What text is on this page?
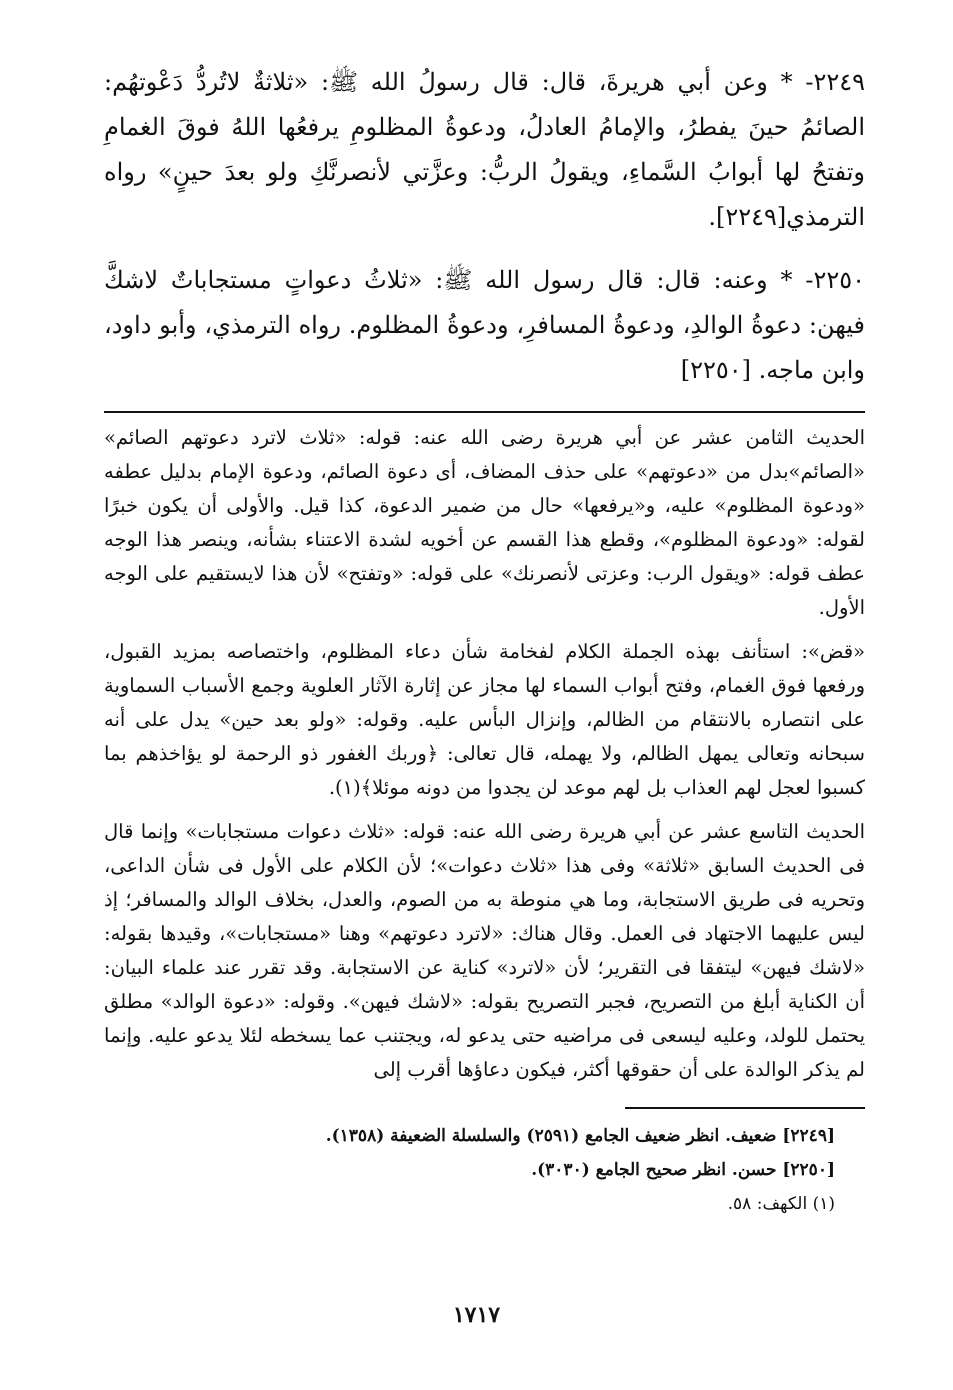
٢٢٤٩- * وعن أبي هريرةَ، قال: قال رسولُ الله ﷺ: «ثلاثةٌ لاتُردُّ دَعْوتهُم: الصائمُ حينَ يفطرُ، والإمامُ العادلُ، ودعوةُ المظلومِ يرفعُها اللهُ فوقَ الغمامِ وتفتحُ لها أبوابُ السَّماءِ، ويقولُ الربُّ: وعزَّتي لأنصرنَّكِ ولو بعدَ حينٍ» رواه الترمذي[٢٢٤٩].

٢٢٥٠- * وعنه: قال: قال رسول الله ﷺ: «ثلاثُ دعواتٍ مستجاباتٌ لاشكَّ فيهن: دعوةُ الوالدِ، ودعوةُ المسافرِ، ودعوةُ المظلوم. رواه الترمذي، وأبو داود، وابن ماجه. [٢٢٥٠]

الحديث الثامن عشر عن أبي هريرة رضى الله عنه: قوله: «ثلاث لاترد دعوتهم الصائم» «الصائم»بدل من «دعوتهم» على حذف المضاف، أى دعوة الصائم، ودعوة الإمام بدليل عطفه «ودعوة المظلوم» عليه، و«يرفعها» حال من ضمير الدعوة، كذا قيل. والأولى أن يكون خبرًا لقوله: «ودعوة المظلوم»، وقطع هذا القسم عن أخويه لشدة الاعتناء بشأنه، وينصر هذا الوجه عطف قوله: «ويقول الرب: وعزتى لأنصرنك» على قوله: «وتفتح» لأن هذا لايستقيم على الوجه الأول.

«قض»: استأنف بهذه الجملة الكلام لفخامة شأن دعاء المظلوم، واختصاصه بمزيد القبول، ورفعها فوق الغمام، وفتح أبواب السماء لها مجاز عن إثارة الآثار العلوية وجمع الأسباب السماوية على انتصاره بالانتقام من الظالم، وإنزال البأس عليه. وقوله: «ولو بعد حين» يدل على أنه سبحانه وتعالى يمهل الظالم، ولا يهمله، قال تعالى: ﴿وربك الغفور ذو الرحمة لو يؤاخذهم بما كسبوا لعجل لهم العذاب بل لهم موعد لن يجدوا من دونه موئلا﴾(١).

الحديث التاسع عشر عن أبي هريرة رضى الله عنه: قوله: «ثلاث دعوات مستجابات» وإنما قال فى الحديث السابق «ثلاثة» وفى هذا «ثلاث دعوات»؛ لأن الكلام على الأول فى شأن الداعى، وتحريه فى طريق الاستجابة، وما هي منوطة به من الصوم، والعدل، بخلاف الوالد والمسافر؛ إذ ليس عليهما الاجتهاد فى العمل. وقال هناك: «لاترد دعوتهم» وهنا «مستجابات»، وقيدها بقوله: «لاشك فيهن» ليتفقا فى التقرير؛ لأن «لاترد» كناية عن الاستجابة. وقد تقرر عند علماء البيان: أن الكناية أبلغ من التصريح، فجبر التصريح بقوله: «لاشك فيهن». وقوله: «دعوة الوالد» مطلق يحتمل للولد، وعليه ليسعى فى مراضيه حتى يدعو له، ويجتنب عما يسخطه لئلا يدعو عليه. وإنما لم يذكر الوالدة على أن حقوقها أكثر، فيكون دعاؤها أقرب إلى

[٢٢٤٩] ضعيف. انظر ضعيف الجامع (٢٥٩١) والسلسلة الضعيفة (١٣٥٨).
[٢٢٥٠] حسن. انظر صحيح الجامع (٣٠٣٠).
(١) الكهف: ٥٨.
١٧١٧
